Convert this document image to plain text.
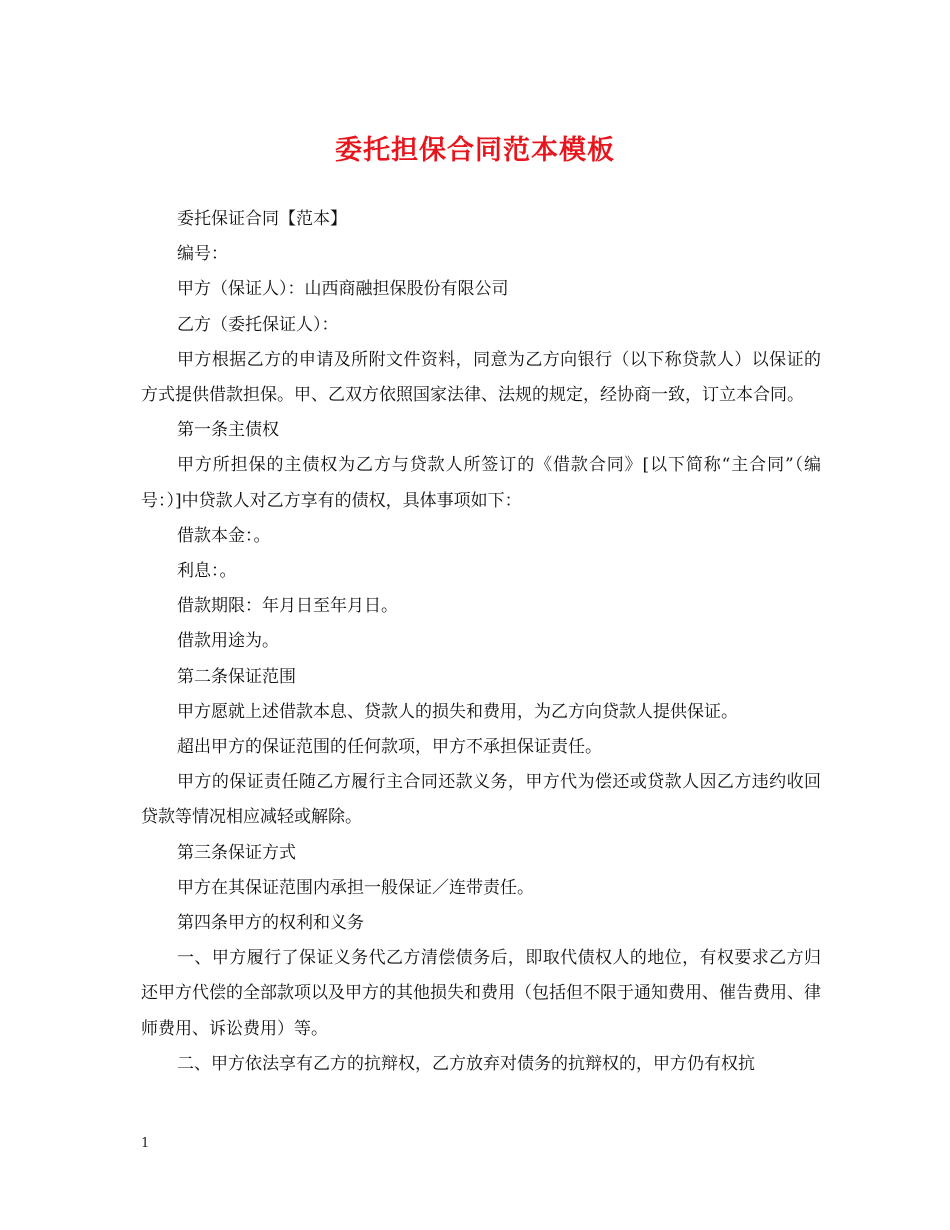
委托担保合同范本模板

委托保证合同【范本】

编号：

甲方（保证人）：山西商融担保股份有限公司

乙方（委托保证人）：

甲方根据乙方的申请及所附文件资料，同意为乙方向银行（以下称贷款人）以保证的方式提供借款担保。甲、乙双方依照国家法律、法规的规定，经协商一致，订立本合同。

第一条主债权

甲方所担保的主债权为乙方与贷款人所签订的《借款合同》[以下简称“主合同”（编号：）]中贷款人对乙方享有的债权，具体事项如下：

借款本金：。

利息：。

借款期限：年月日至年月日。

借款用途为。

第二条保证范围

甲方愿就上述借款本息、贷款人的损失和费用，为乙方向贷款人提供保证。

超出甲方的保证范围的任何款项，甲方不承担保证责任。

甲方的保证责任随乙方履行主合同还款义务，甲方代为偿还或贷款人因乙方违约收回贷款等情况相应减轻或解除。

第三条保证方式

甲方在其保证范围内承担一般保证／连带责任。

第四条甲方的权利和义务

一、甲方履行了保证义务代乙方清偿债务后，即取代债权人的地位，有权要求乙方归还甲方代偿的全部款项以及甲方的其他损失和费用（包括但不限于通知费用、催告费用、律师费用、诉讼费用）等。

二、甲方依法享有乙方的抗辩权，乙方放弃对债务的抗辩权的，甲方仍有权抗

1
